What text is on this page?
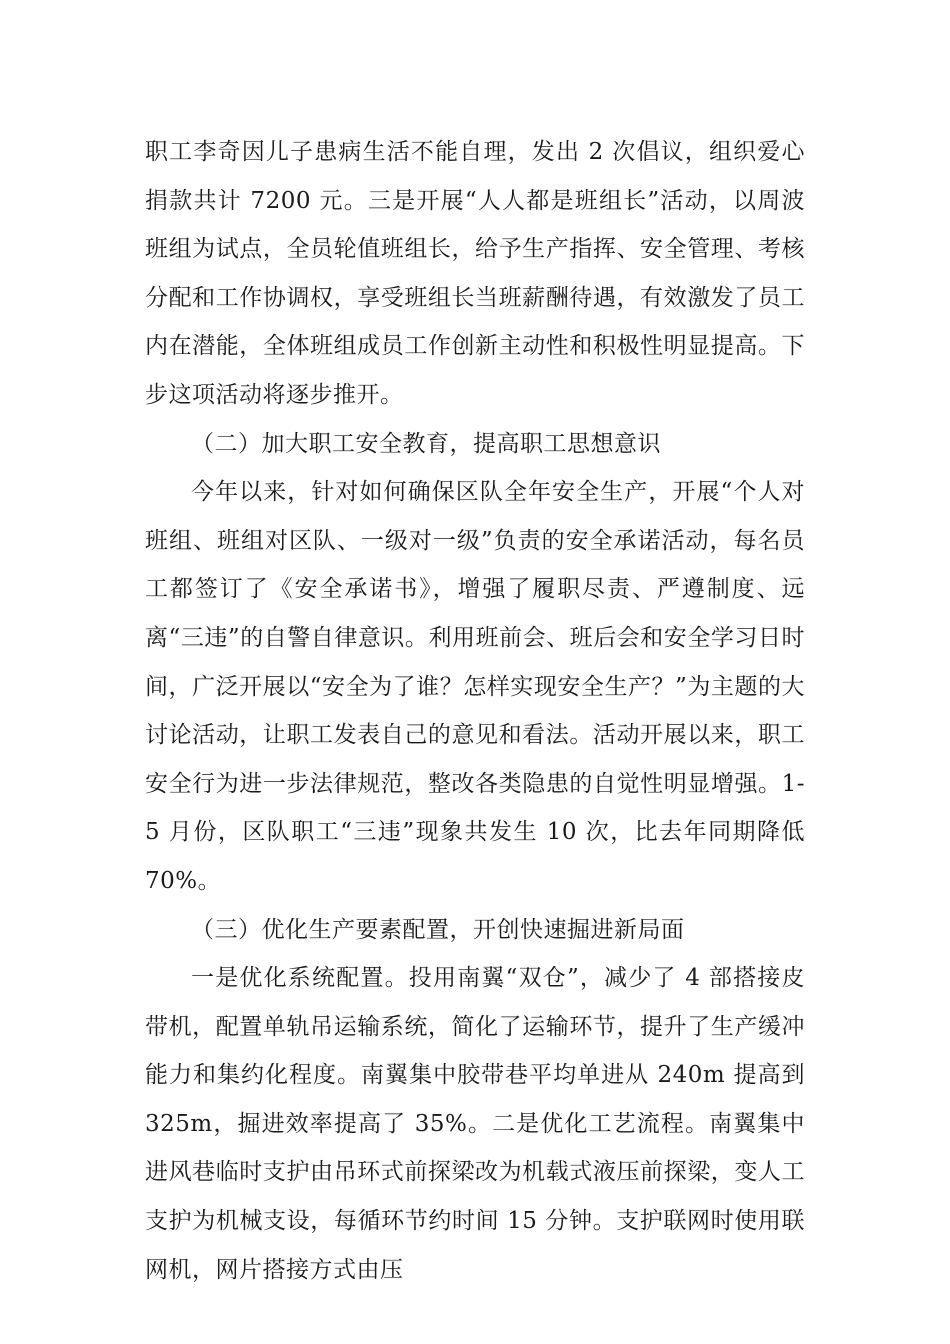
职工李奇因儿子患病生活不能自理，发出 2 次倡议，组织爱心捐款共计 7200 元。三是开展“人人都是班组长”活动，以周波班组为试点，全员轮值班组长，给予生产指挥、安全管理、考核分配和工作协调权，享受班组长当班薪酬待遇，有效激发了员工内在潜能，全体班组成员工作创新主动性和积极性明显提高。下步这项活动将逐步推开。

（二）加大职工安全教育，提高职工思想意识

今年以来，针对如何确保区队全年安全生产，开展“个人对班组、班组对区队、一级对一级”负责的安全承诺活动，每名员工都签订了《安全承诺书》，增强了履职尽责、严遵制度、远离“三违”的自警自律意识。利用班前会、班后会和安全学习日时间，广泛开展以“安全为了谁？怎样实现安全生产？”为主题的大讨论活动，让职工发表自己的意见和看法。活动开展以来，职工安全行为进一步法律规范，整改各类隐患的自觉性明显增强。1-5 月份，区队职工“三违”现象共发生 10 次，比去年同期降低 70%。

（三）优化生产要素配置，开创快速掘进新局面

一是优化系统配置。投用南翼“双仓”，减少了 4 部搭接皮带机，配置单轨吊运输系统，简化了运输环节，提升了生产缓冲能力和集约化程度。南翼集中胶带巷平均单进从 240m 提高到 325m，掘进效率提高了 35%。二是优化工艺流程。南翼集中进风巷临时支护由吊环式前探梁改为机载式液压前探梁，变人工支护为机械支设，每循环节约时间 15 分钟。支护联网时使用联网机，网片搭接方式由压
